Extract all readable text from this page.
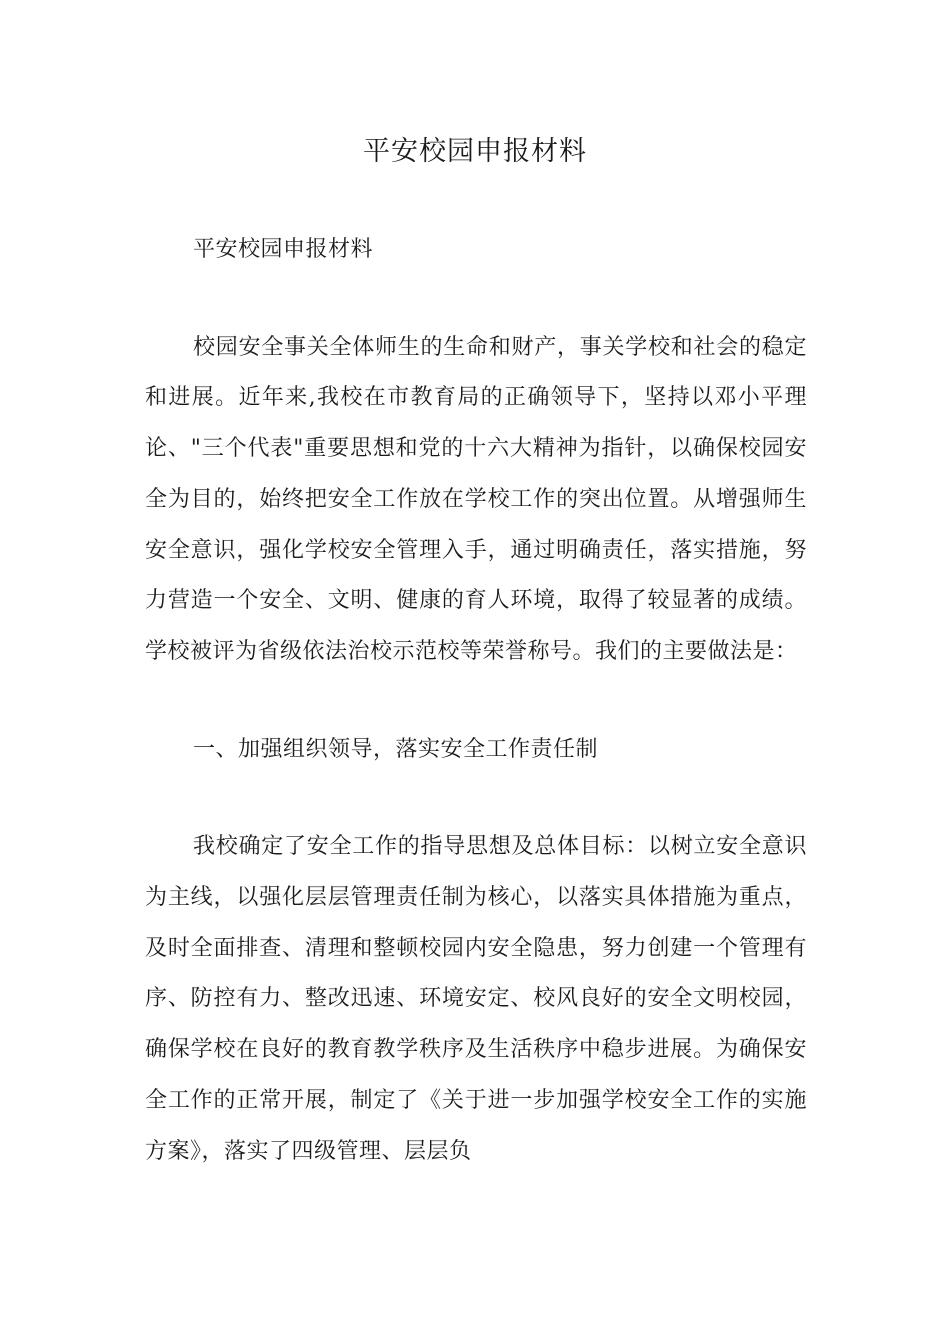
平安校园申报材料

平安校园申报材料

校园安全事关全体师生的生命和财产，事关学校和社会的稳定和进展。近年来,我校在市教育局的正确领导下，坚持以邓小平理论、"三个代表"重要思想和党的十六大精神为指针，以确保校园安全为目的，始终把安全工作放在学校工作的突出位置。从增强师生安全意识，强化学校安全管理入手，通过明确责任，落实措施，努力营造一个安全、文明、健康的育人环境，取得了较显著的成绩。学校被评为省级依法治校示范校等荣誉称号。我们的主要做法是：

一、加强组织领导，落实安全工作责任制

我校确定了安全工作的指导思想及总体目标：以树立安全意识为主线，以强化层层管理责任制为核心，以落实具体措施为重点，及时全面排查、清理和整顿校园内安全隐患，努力创建一个管理有序、防控有力、整改迅速、环境安定、校风良好的安全文明校园，确保学校在良好的教育教学秩序及生活秩序中稳步进展。为确保安全工作的正常开展，制定了《关于进一步加强学校安全工作的实施方案》，落实了四级管理、层层负
